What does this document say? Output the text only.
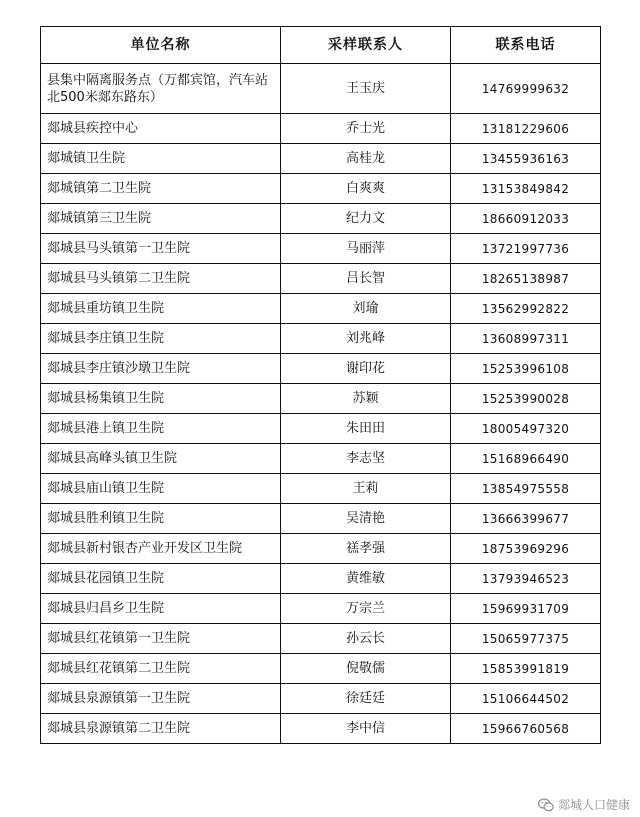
单位名称	采样联系人	联系电话
县集中隔离服务点（万都宾馆，汽车站北500米郯东路东）	王玉庆	14769999632
郯城县疾控中心	乔士光	13181229606
郯城镇卫生院	高桂龙	13455936163
郯城镇第二卫生院	白爽爽	13153849842
郯城镇第三卫生院	纪力文	18660912033
郯城县马头镇第一卫生院	马丽萍	13721997736
郯城县马头镇第二卫生院	吕长智	18265138987
郯城县重坊镇卫生院	刘瑜	13562992822
郯城县李庄镇卫生院	刘兆峰	13608997311
郯城县李庄镇沙墩卫生院	谢印花	15253996108
郯城县杨集镇卫生院	苏颖	15253990028
郯城县港上镇卫生院	朱田田	18005497320
郯城县高峰头镇卫生院	李志坚	15168966490
郯城县庙山镇卫生院	王莉	13854975558
郯城县胜利镇卫生院	吴清艳	13666399677
郯城县新村银杏产业开发区卫生院	禚孝强	18753969296
郯城县花园镇卫生院	黄维敏	13793946523
郯城县归昌乡卫生院	万宗兰	15969931709
郯城县红花镇第一卫生院	孙云长	15065977375
郯城县红花镇第二卫生院	倪敬儒	15853991819
郯城县泉源镇第一卫生院	徐廷廷	15106644502
郯城县泉源镇第二卫生院	李中信	15966760568
郯城人口健康
